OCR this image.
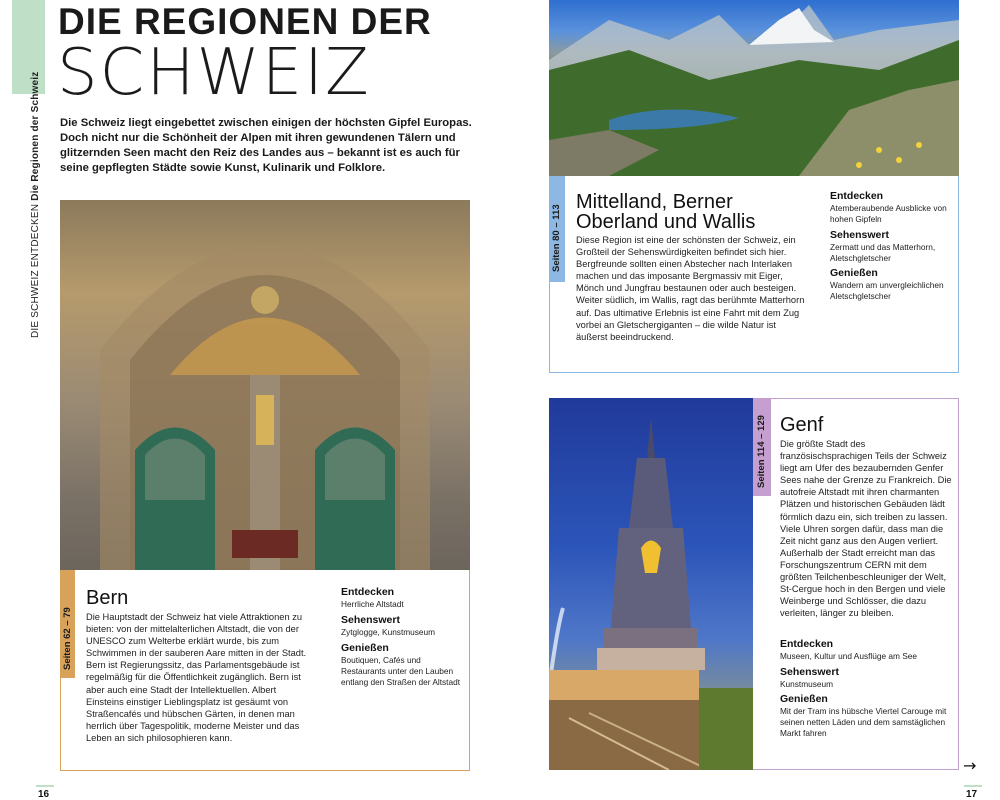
DIE SCHWEIZ ENTDECKEN Die Regionen der Schweiz
DIE REGIONEN DER
SCHWEIZ
Die Schweiz liegt eingebettet zwischen einigen der höchsten Gipfel Europas. Doch nicht nur die Schönheit der Alpen mit ihren gewundenen Tälern und glitzernden Seen macht den Reiz des Landes aus – bekannt ist es auch für seine gepflegten Städte sowie Kunst, Kulinarik und Folklore.
Bern
Die Hauptstadt der Schweiz hat viele Attraktionen zu bieten: von der mittelalterlichen Altstadt, die von der UNESCO zum Welterbe erklärt wurde, bis zum Schwimmen in der sauberen Aare mitten in der Stadt. Bern ist Regierungssitz, das Parlamentsgebäude ist regelmäßig für die Öffentlichkeit zugänglich. Bern ist aber auch eine Stadt der Intellektuellen. Albert Einsteins einstiger Lieblingsplatz ist gesäumt von Straßencafés und hübschen Gärten, in denen man herrlich über Tagespolitik, moderne Meister und das Leben an sich philosophieren kann.
Entdecken
Herrliche Altstadt
Sehenswert
Zytglogge, Kunstmuseum
Genießen
Boutiquen, Cafés und Restaurants unter den Lauben entlang den Straßen der Altstadt
Seiten 62 – 79
Mittelland, Berner Oberland und Wallis
Diese Region ist eine der schönsten der Schweiz, ein Großteil der Sehenswürdigkeiten befindet sich hier. Bergfreunde sollten einen Abstecher nach Interlaken machen und das imposante Bergmassiv mit Eiger, Mönch und Jungfrau bestaunen oder auch besteigen. Weiter südlich, im Wallis, ragt das berühmte Matterhorn auf. Das ultimative Erlebnis ist eine Fahrt mit dem Zug vorbei an Gletschergiganten – die wilde Natur ist äußerst beeindruckend.
Entdecken
Atemberaubende Ausblicke von hohen Gipfeln
Sehenswert
Zermatt und das Matterhorn, Aletschgletscher
Genießen
Wandern am unvergleichlichen Aletschgletscher
Seiten 80 – 113
Genf
Die größte Stadt des französischsprachigen Teils der Schweiz liegt am Ufer des bezaubernden Genfer Sees nahe der Grenze zu Frankreich. Die autofreie Altstadt mit ihren charmanten Plätzen und historischen Gebäuden lädt förmlich dazu ein, sich treiben zu lassen. Viele Uhren sorgen dafür, dass man die Zeit nicht ganz aus den Augen verliert. Außerhalb der Stadt erreicht man das Forschungszentrum CERN mit dem größten Teilchenbeschleuniger der Welt, St-Cergue hoch in den Bergen und viele Weinberge und Schlösser, die dazu verleiten, länger zu bleiben.
Entdecken
Museen, Kultur und Ausflüge am See
Sehenswert
Kunstmuseum
Genießen
Mit der Tram ins hübsche Viertel Carouge mit seinen netten Läden und dem samstäglichen Markt fahren
Seiten 114 – 129
16	17
→
